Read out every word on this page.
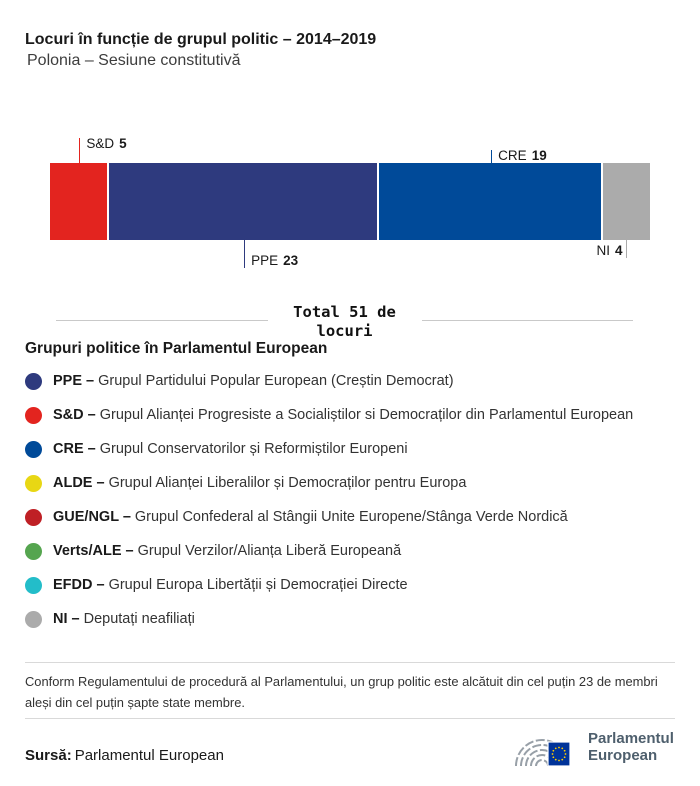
Locuri în funcție de grupul politic – 2014–2019
Polonia – Sesiune constitutivă
S&D 5
PPE 23
CRE 19
NI 4
Total 51 de locuri
Grupuri politice în Parlamentul European
PPE – Grupul Partidului Popular European (Creștin Democrat)
S&D – Grupul Alianței Progresiste a Socialiștilor si Democraților din Parlamentul European
CRE – Grupul Conservatorilor și Reformiștilor Europeni
ALDE – Grupul Alianței Liberalilor și Democraților pentru Europa
GUE/NGL – Grupul Confederal al Stângii Unite Europene/Stânga Verde Nordică
Verts/ALE – Grupul Verzilor/Alianța Liberă Europeană
EFDD – Grupul Europa Libertății și Democrației Directe
NI – Deputați neafiliați
Conform Regulamentului de procedură al Parlamentului, un grup politic este alcătuit din cel puțin 23 de membri aleși din cel puțin șapte state membre.
Sursă: Parlamentul European
Parlamentul
European
